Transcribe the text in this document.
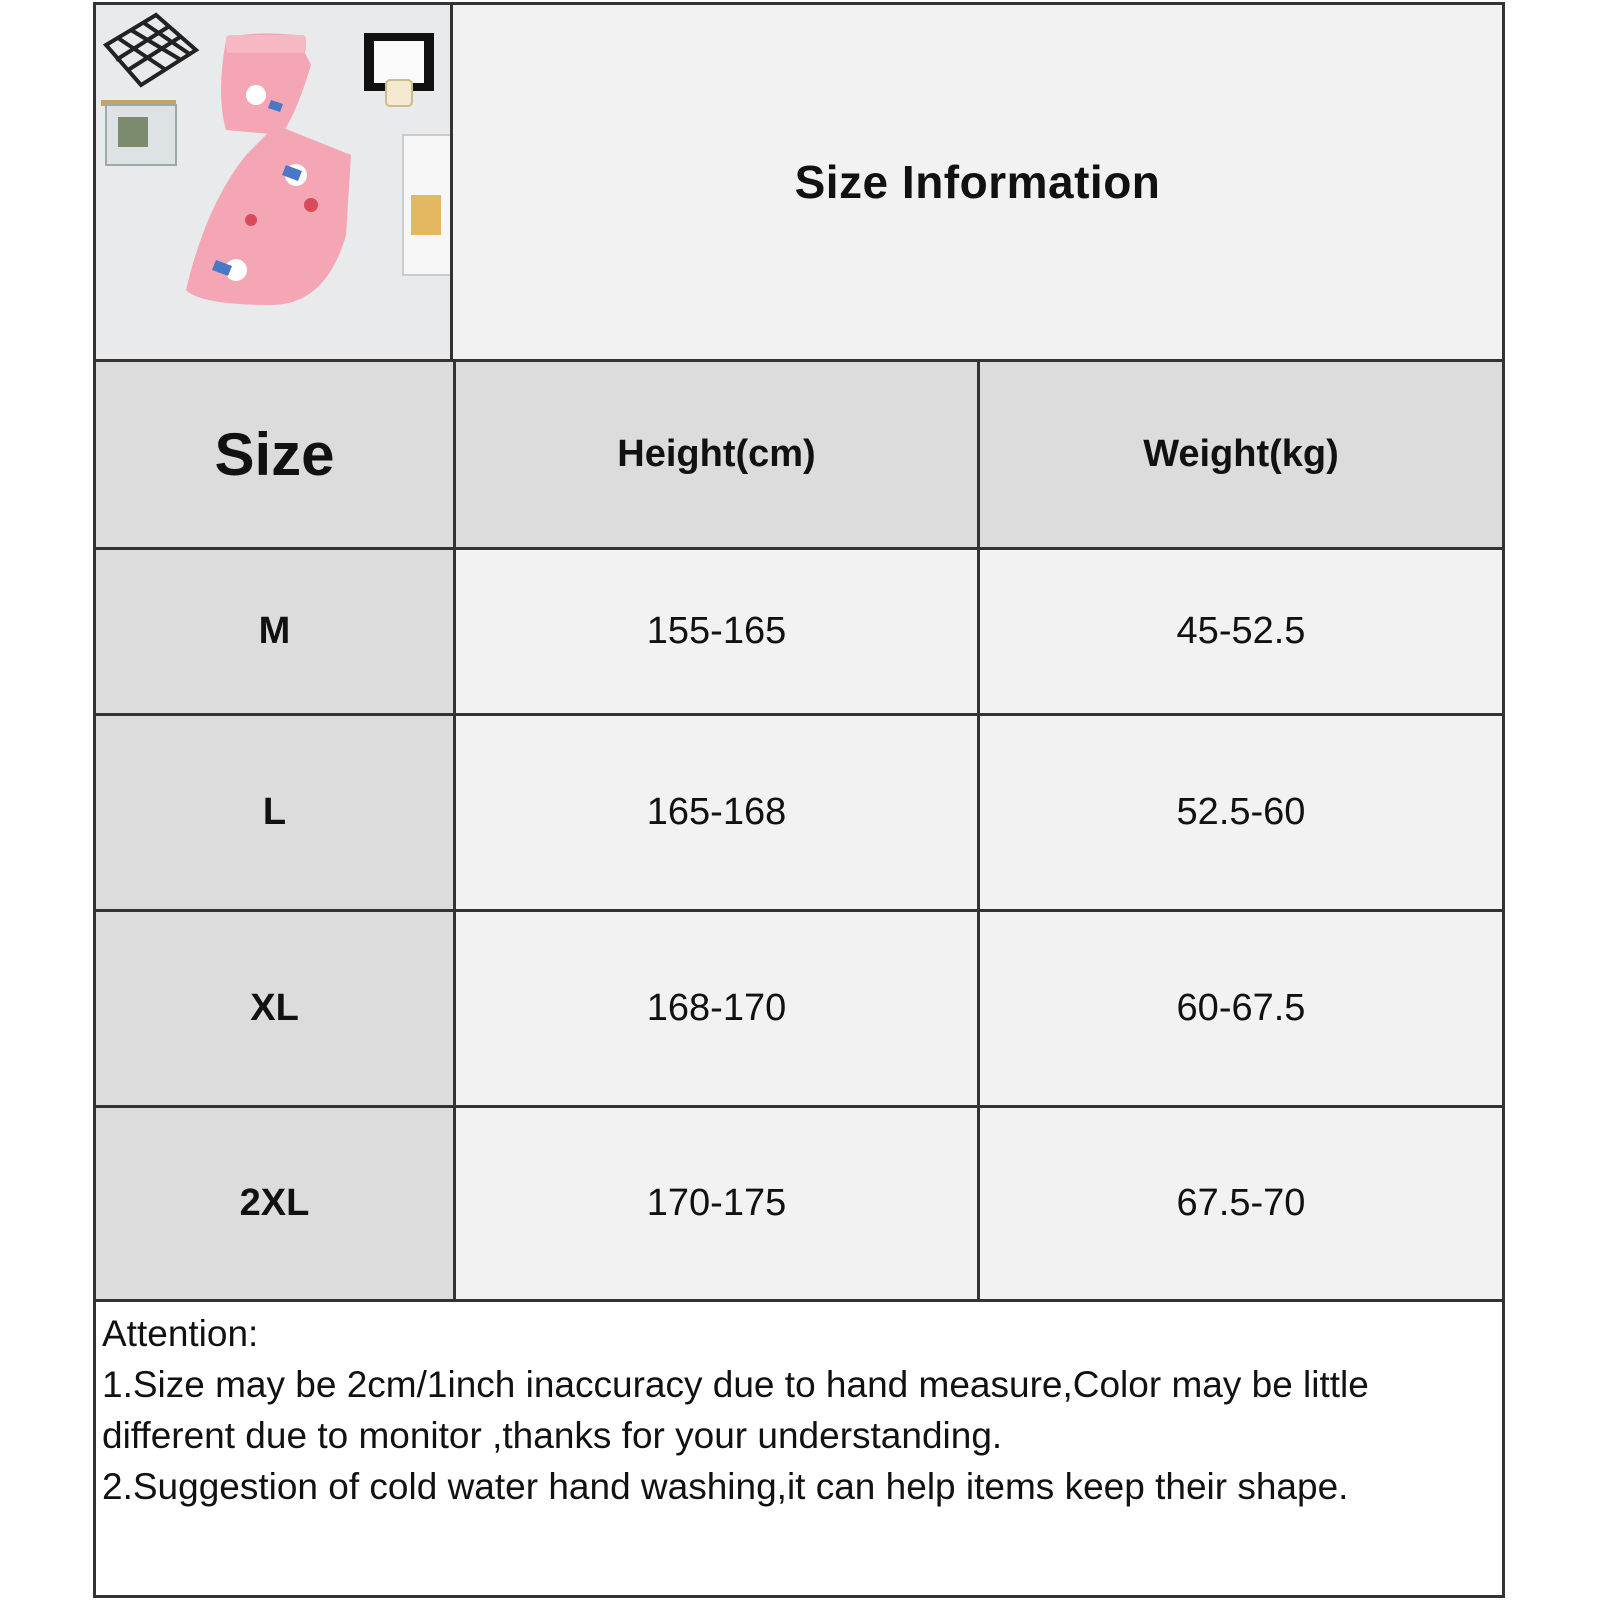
Size Information
Size	Height(cm)	Weight(kg)
M	155-165	45-52.5
L	165-168	52.5-60
XL	168-170	60-67.5
2XL	170-175	67.5-70

Attention:

1.Size may be 2cm/1inch inaccuracy due to hand measure,Color may be little different due to monitor ,thanks for your understanding.

2.Suggestion of cold water hand washing,it can help items keep their shape.
